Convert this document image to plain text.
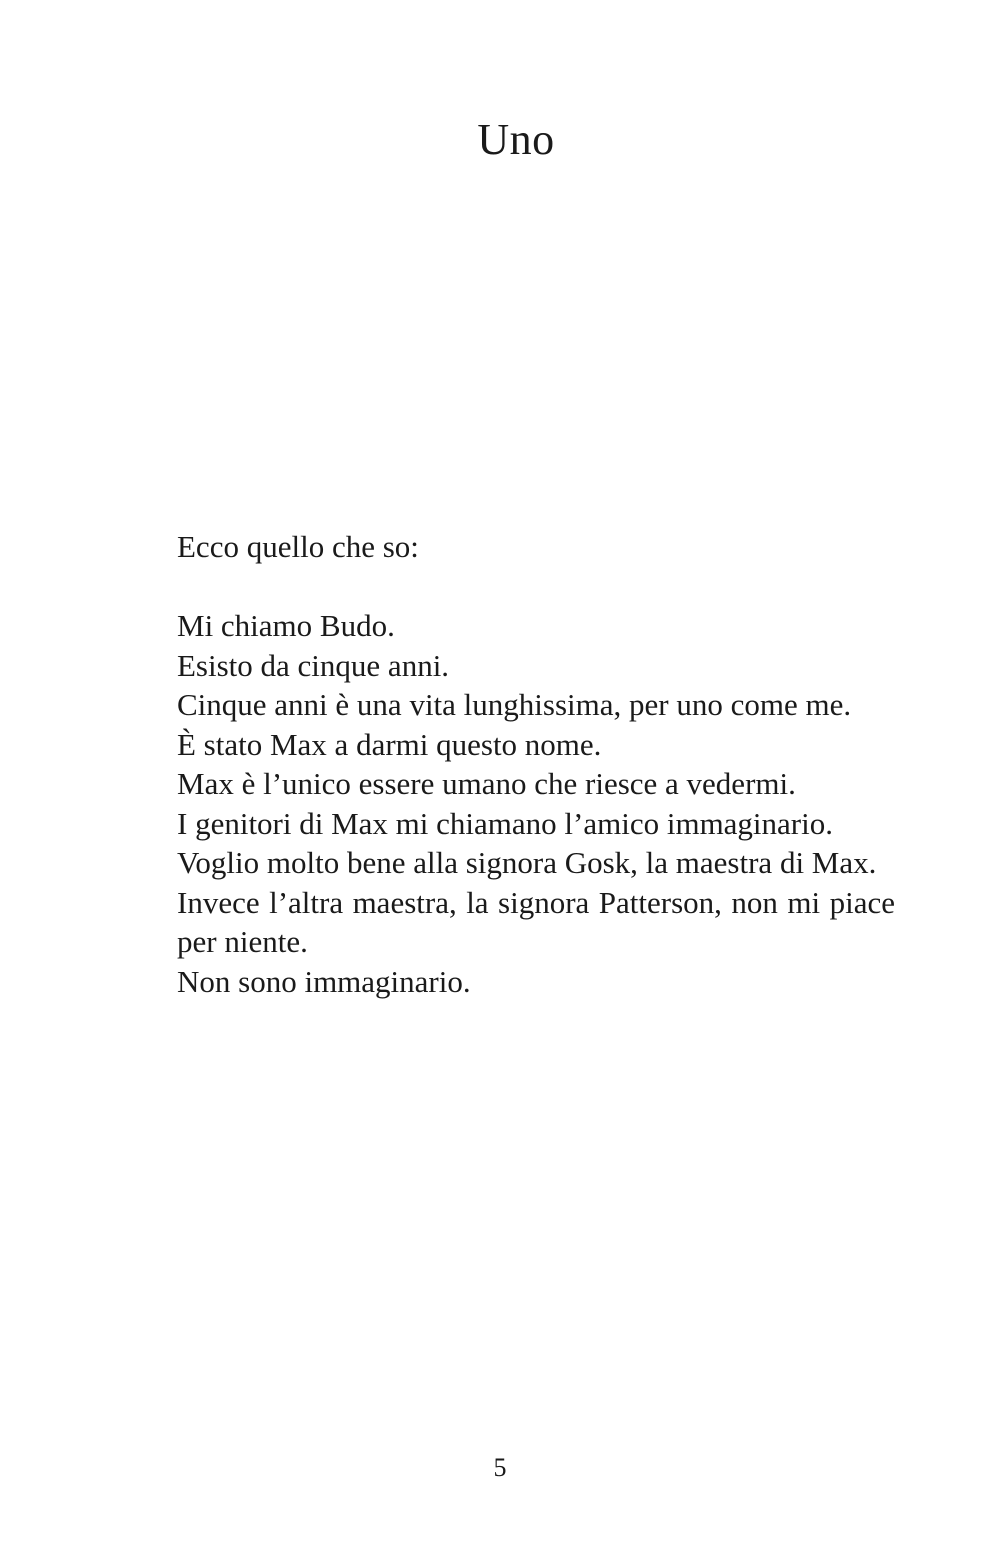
Uno

Ecco quello che so:

Mi chiamo Budo.

Esisto da cinque anni.

Cinque anni è una vita lunghissima, per uno come me.

È stato Max a darmi questo nome.

Max è l’unico essere umano che riesce a vedermi.

I genitori di Max mi chiamano l’amico immaginario.

Voglio molto bene alla signora Gosk, la maestra di Max.

Invece l’altra maestra, la signora Patterson, non mi piace per niente.

Non sono immaginario.

5
